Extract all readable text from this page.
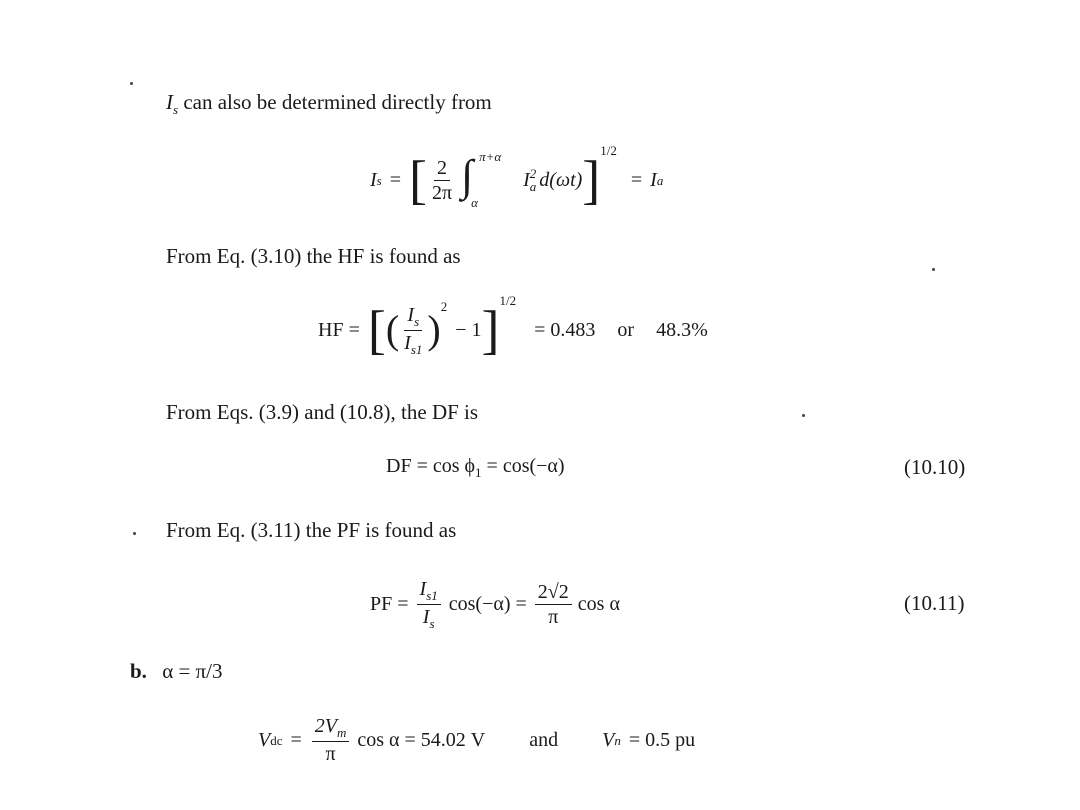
$I_s$ can also be determined directly from
I s = [ $\frac{2}{2\pi}$ ∫ π+α
α
I 2
a d(ωt) ] 1/2
= I a
From Eq. (3.10) the HF is found as
HF = [ ( $\frac{I_s}{I_{s1}}$ )
2
− 1 ] 1/2
= 0.483 or 48.3%
From Eqs. (3.9) and (10.8), the DF is
DF = $\cos \phi_1 = \cos(-\alpha)$	(10.10)
From Eq. (3.11) the PF is found as
PF = $\frac{I_{s1}}{I_s} \cos(-\alpha) = \frac{2√2}{\pi}$ cos α	(10.11)
b. α = π/3
V dc = $\frac{2V_m}{\pi}$ cos α = 54.02 V and V n = 0.5 pu
